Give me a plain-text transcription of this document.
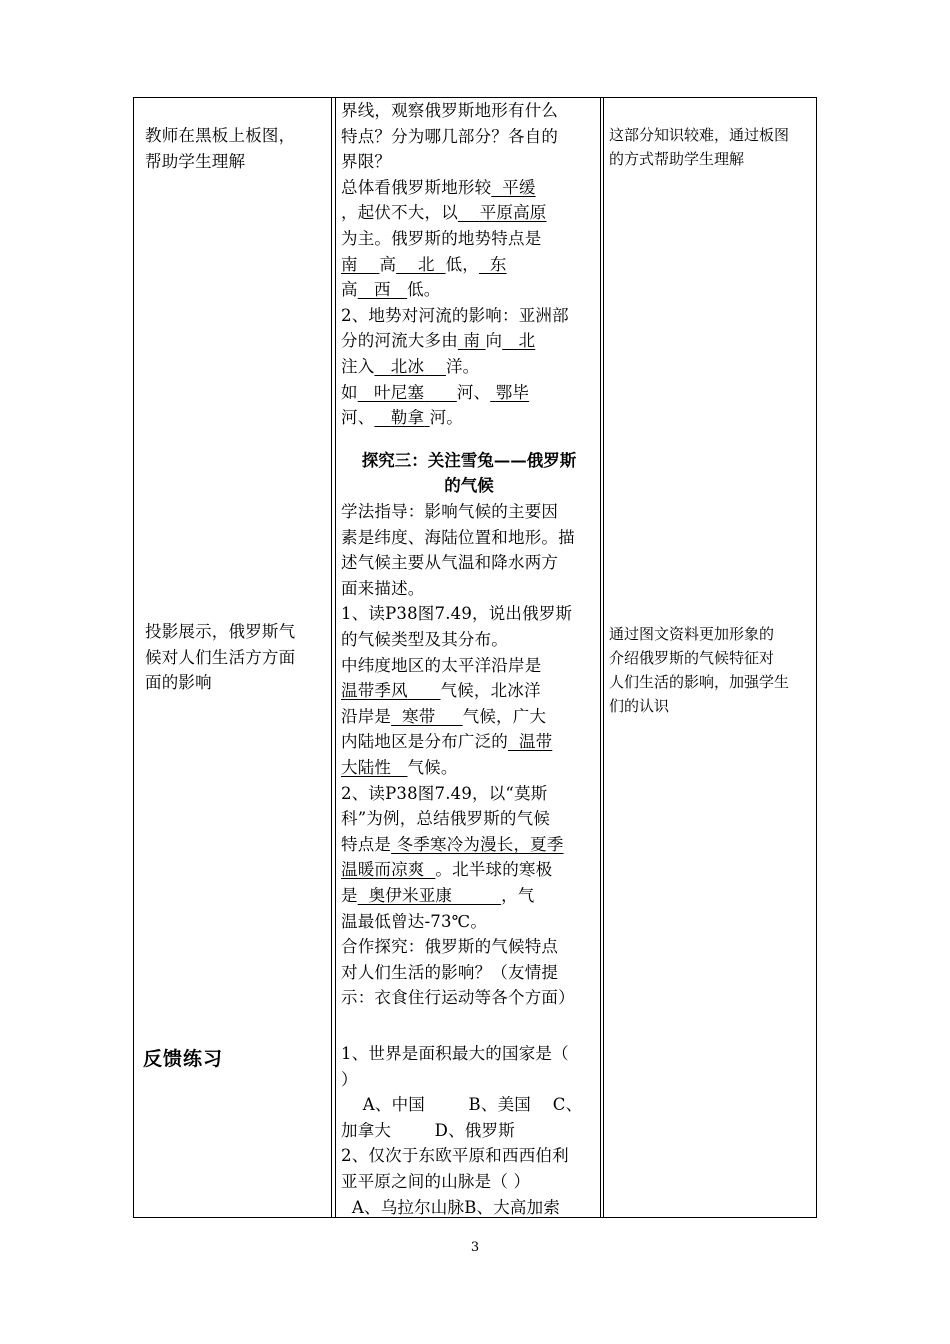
教师在黑板上板图，

帮助学生理解

投影展示，俄罗斯气

候对人们生活方方面

面的影响

反馈练习

界线，观察俄罗斯地形有什么

特点？分为哪几部分？各自的

界限？

总体看俄罗斯地形较 平缓

，起伏不大，以 平原高原

为主。俄罗斯的地势特点是

南 高 北 低， 东

高 西 低。

2、地势对河流的影响：亚洲部

分的河流大多由 南 向 北

注入 北冰 洋。

如 叶尼塞 河、 鄂毕

河、 勒拿 河。

探究三：关注雪兔——俄罗斯

的气候

学法指导：影响气候的主要因

素是纬度、海陆位置和地形。描

述气候主要从气温和降水两方

面来描述。

1、读P38图7.49，说出俄罗斯

的气候类型及其分布。

中纬度地区的太平洋沿岸是

温带季风 气候，北冰洋

沿岸是 寒带 气候，广大

内陆地区是分布广泛的 温带

大陆性 气候。

2、读P38图7.49，以“莫斯

科”为例，总结俄罗斯的气候

特点是 冬季寒冷为漫长，夏季

温暖而凉爽 。北半球的寒极

是 奥伊米亚康	，气

温最低曾达-73℃。

合作探究：俄罗斯的气候特点

对人们生活的影响？（友情提

示：衣食住行运动等各个方面）

1、世界是面积最大的国家是（

）

A、中国        B、美国    C、

加拿大        D、俄罗斯

2、仅次于东欧平原和西西伯利

亚平原之间的山脉是（ ）

A、乌拉尔山脉B、大高加索

这部分知识较难，通过板图

的方式帮助学生理解

通过图文资料更加形象的

介绍俄罗斯的气候特征对

人们生活的影响，加强学生

们的认识

3
